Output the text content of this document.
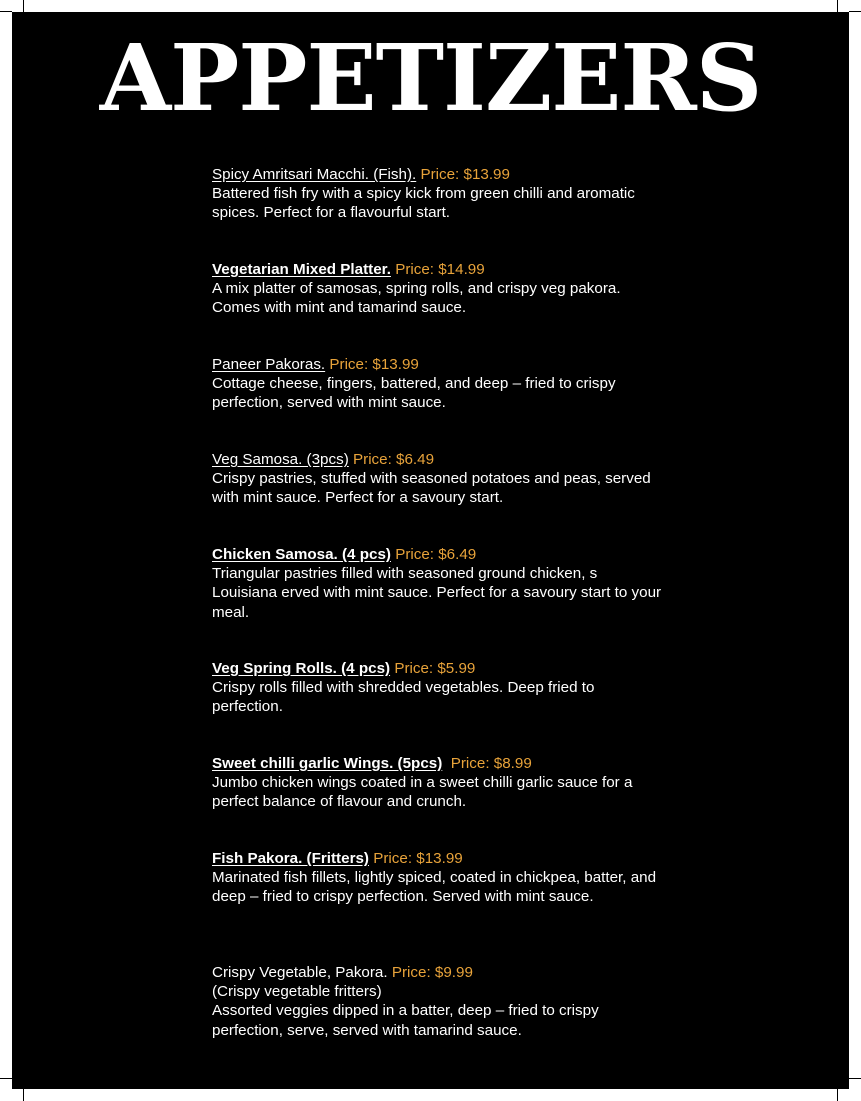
APPETIZERS

Spicy Amritsari Macchi. (Fish). Price: $13.99

Battered fish fry with a spicy kick from green chilli and aromatic spices. Perfect for a flavourful start.

Vegetarian Mixed Platter. Price: $14.99

A mix platter of samosas, spring rolls, and crispy veg pakora. Comes with mint and tamarind sauce.

Paneer Pakoras. Price: $13.99

Cottage cheese, fingers, battered, and deep – fried to crispy perfection, served with mint sauce.

Veg Samosa. (3pcs) Price: $6.49

Crispy pastries, stuffed with seasoned potatoes and peas, served with mint sauce. Perfect for a savoury start.

Chicken Samosa. (4 pcs) Price: $6.49

Triangular pastries filled with seasoned ground chicken, s Louisiana erved with mint sauce. Perfect for a savoury start to your meal.

Veg Spring Rolls. (4 pcs) Price: $5.99

Crispy rolls filled with shredded vegetables. Deep fried to perfection.

Sweet chilli garlic Wings. (5pcs) Price: $8.99

Jumbo chicken wings coated in a sweet chilli garlic sauce for a perfect balance of flavour and crunch.

Fish Pakora. (Fritters) Price: $13.99

Marinated fish fillets, lightly spiced, coated in chickpea, batter, and deep – fried to crispy perfection. Served with mint sauce.

Crispy Vegetable, Pakora. Price: $9.99

(Crispy vegetable fritters)

Assorted veggies dipped in a batter, deep – fried to crispy perfection, serve, served with tamarind sauce.
